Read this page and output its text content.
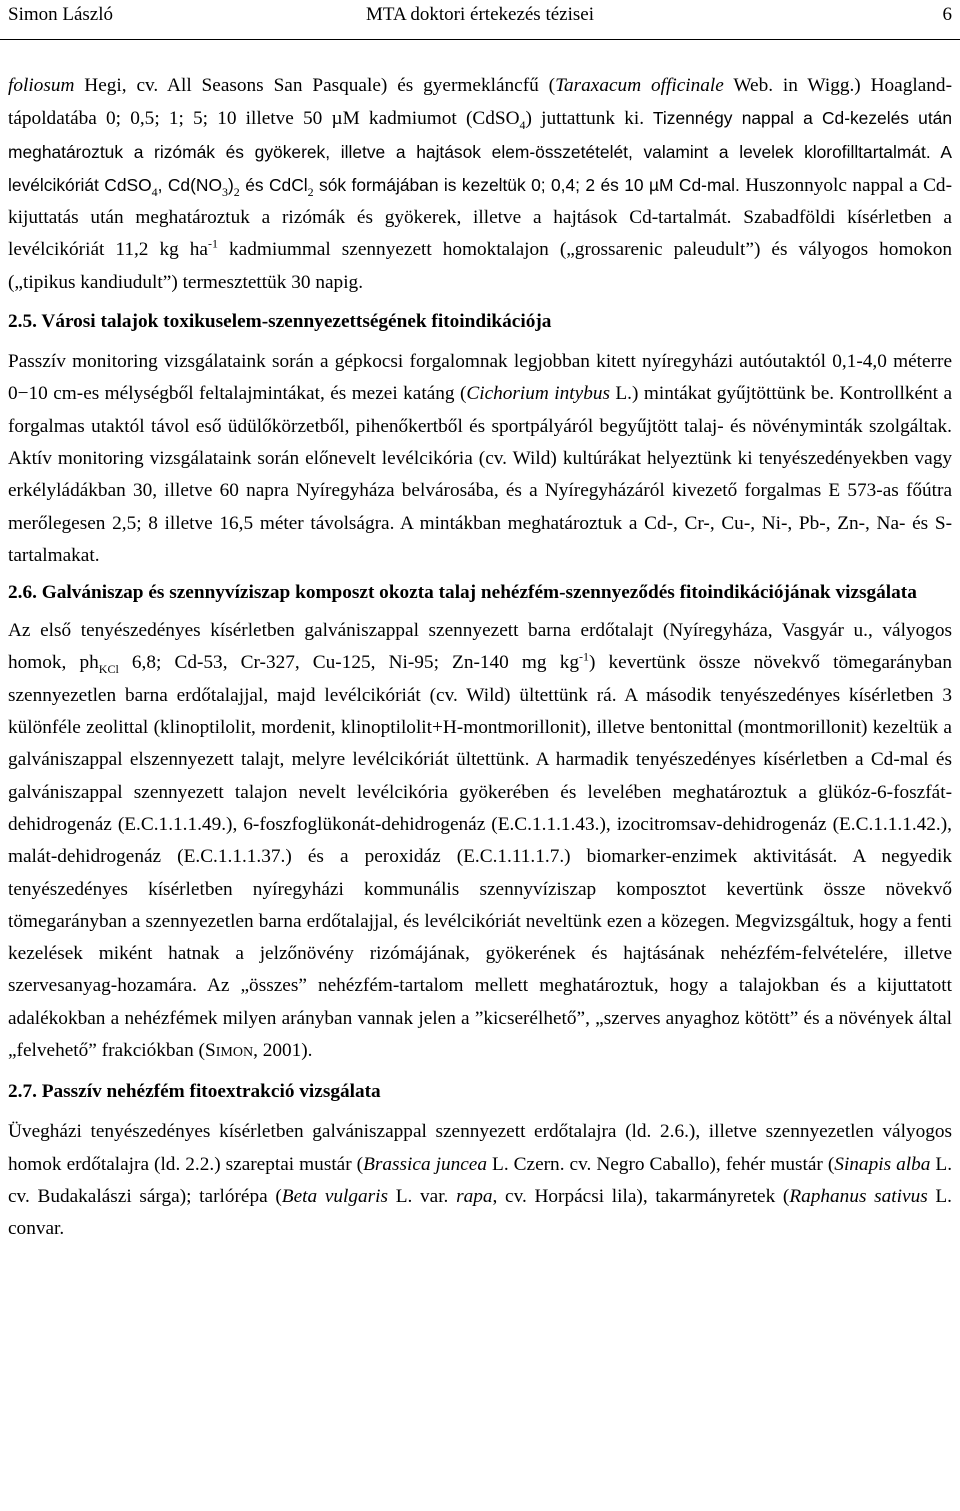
Simon László	MTA doktori értekezés tézisei	6

foliosum Hegi, cv. All Seasons San Pasquale) és gyermekláncfű (Taraxacum officinale Web. in Wigg.) Hoagland-tápoldatába 0; 0,5; 1; 5; 10 illetve 50 µM kadmiumot (CdSO$_4$) juttattunk ki. Tizennégy nappal a Cd-kezelés után meghatároztuk a rizómák és gyökerek, illetve a hajtások elem-összetételét, valamint a levelek klorofilltartalmát. A levélcikóriát CdSO$_4$, $Cd(NO_3)_2$ és CdCl$_2$ sók formájában is kezeltük 0; 0,4; 2 és 10 µM Cd-mal. Huszonnyolc nappal a Cd-kijuttatás után meghatároztuk a rizómák és gyökerek, illetve a hajtások Cd-tartalmát. Szabadföldi kísérletben a levélcikóriát 11,2 kg $ha^{-1}$ kadmiummal szennyezett homoktalajon („grossarenic paleudult”) és vályogos homokon („tipikus kandiudult”) termesztettük 30 napig.

2.5. Városi talajok toxikuselem-szennyezettségének fitoindikációja

Passzív monitoring vizsgálataink során a gépkocsi forgalomnak legjobban kitett nyíregyházi autóutaktól 0,1-4,0 méterre 0−10 cm-es mélységből feltalajmintákat, és mezei katáng (Cichorium intybus L.) mintákat gyűjtöttünk be. Kontrollként a forgalmas utaktól távol eső üdülőkörzetből, pihenőkertből és sportpályáról begyűjtött talaj- és növényminták szolgáltak. Aktív monitoring vizsgálataink során előnevelt levélcikória (cv. Wild) kultúrákat helyeztünk ki tenyészedényekben vagy erkélyládákban 30, illetve 60 napra Nyíregyháza belvárosába, és a Nyíregyházáról kivezető forgalmas E 573-as főútra merőlegesen 2,5; 8 illetve 16,5 méter távolságra. A mintákban meghatároztuk a Cd-, Cr-, Cu-, Ni-, Pb-, Zn-, Na- és S-tartalmakat.

2.6. Galvániszap és szennyvíziszap komposzt okozta talaj nehézfém-szennyeződés fitoindikációjának vizsgálata

Az első tenyészedényes kísérletben galvániszappal szennyezett barna erdőtalajt (Nyíregyháza, Vasgyár u., vályogos homok, $ph_{KCl}$ 6,8; Cd-53, Cr-327, Cu-125, Ni-95; Zn-140 mg $kg^{-1}$) kevertünk össze növekvő tömegarányban szennyezetlen barna erdőtalajjal, majd levélcikóriát (cv. Wild) ültettünk rá. A második tenyészedényes kísérletben 3 különféle zeolittal (klinoptilolit, mordenit, klinoptilolit+H-montmorillonit), illetve bentonittal (montmorillonit) kezeltük a galvániszappal elszennyezett talajt, melyre levélcikóriát ültettünk. A harmadik tenyészedényes kísérletben a Cd-mal és galvániszappal szennyezett talajon nevelt levélcikória gyökerében és levelében meghatároztuk a glükóz-6-foszfát-dehidrogenáz (E.C.1.1.1.49.), 6-foszfoglükonát-dehidrogenáz (E.C.1.1.1.43.), izocitromsav-dehidrogenáz (E.C.1.1.1.42.), malát-dehidrogenáz (E.C.1.1.1.37.) és a peroxidáz (E.C.1.11.1.7.) biomarker-enzimek aktivitását. A negyedik tenyészedényes kísérletben nyíregyházi kommunális szennyvíziszap komposztot kevertünk össze növekvő tömegarányban a szennyezetlen barna erdőtalajjal, és levélcikóriát neveltünk ezen a közegen. Megvizsgáltuk, hogy a fenti kezelések miként hatnak a jelzőnövény rizómájának, gyökerének és hajtásának nehézfém-felvételére, illetve szervesanyag-hozamára. Az „összes” nehézfém-tartalom mellett meghatároztuk, hogy a talajokban és a kijuttatott adalékokban a nehézfémek milyen arányban vannak jelen a ”kicserélhető”, „szerves anyaghoz kötött” és a növények által „felvehető” frakciókban (SIMON, 2001).

2.7. Passzív nehézfém fitoextrakció vizsgálata

Üvegházi tenyészedényes kísérletben galvániszappal szennyezett erdőtalajra (ld. 2.6.), illetve szennyezetlen vályogos homok erdőtalajra (ld. 2.2.) szareptai mustár (Brassica juncea L. Czern. cv. Negro Caballo), fehér mustár (Sinapis alba L. cv. Budakalászi sárga); tarlórépa (Beta vulgaris L. var. rapa, cv. Horpácsi lila), takarmányretek (Raphanus sativus L. convar.
